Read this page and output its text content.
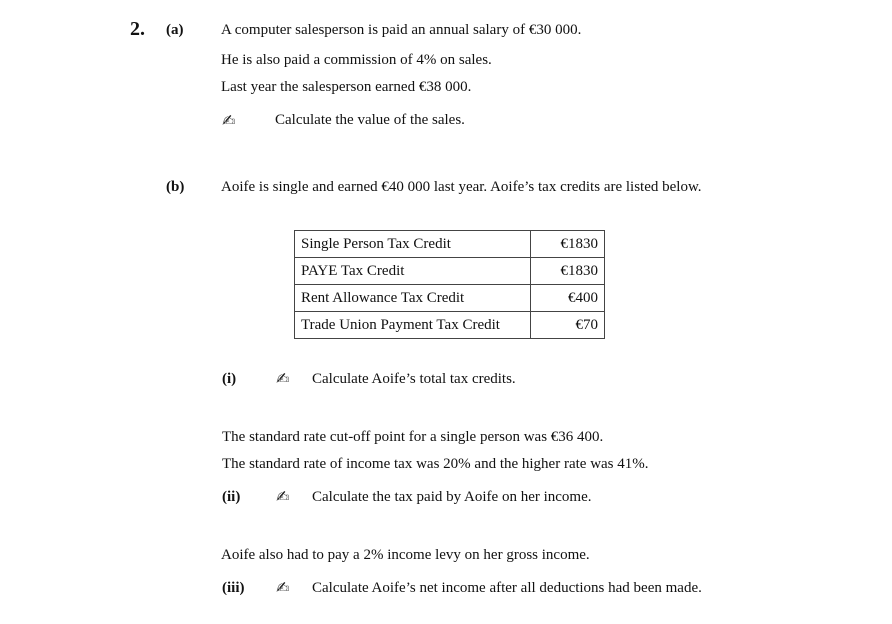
2. (a)	A computer salesperson is paid an annual salary of €30 000.
He is also paid a commission of 4% on sales.
Last year the salesperson earned €38 000.
✍	Calculate the value of the sales.
(b) Aoife is single and earned €40 000 last year. Aoife’s tax credits are listed below.
Single Person Tax Credit	€1830
PAYE Tax Credit	€1830
Rent Allowance Tax Credit	€400
Trade Union Payment Tax Credit	€70
(i) ✍ Calculate Aoife’s total tax credits.
The standard rate cut-off point for a single person was €36 400.
The standard rate of income tax was 20% and the higher rate was 41%.
(ii) ✍ Calculate the tax paid by Aoife on her income.
Aoife also had to pay a 2% income levy on her gross income.
(iii) ✍ Calculate Aoife’s net income after all deductions had been made.
